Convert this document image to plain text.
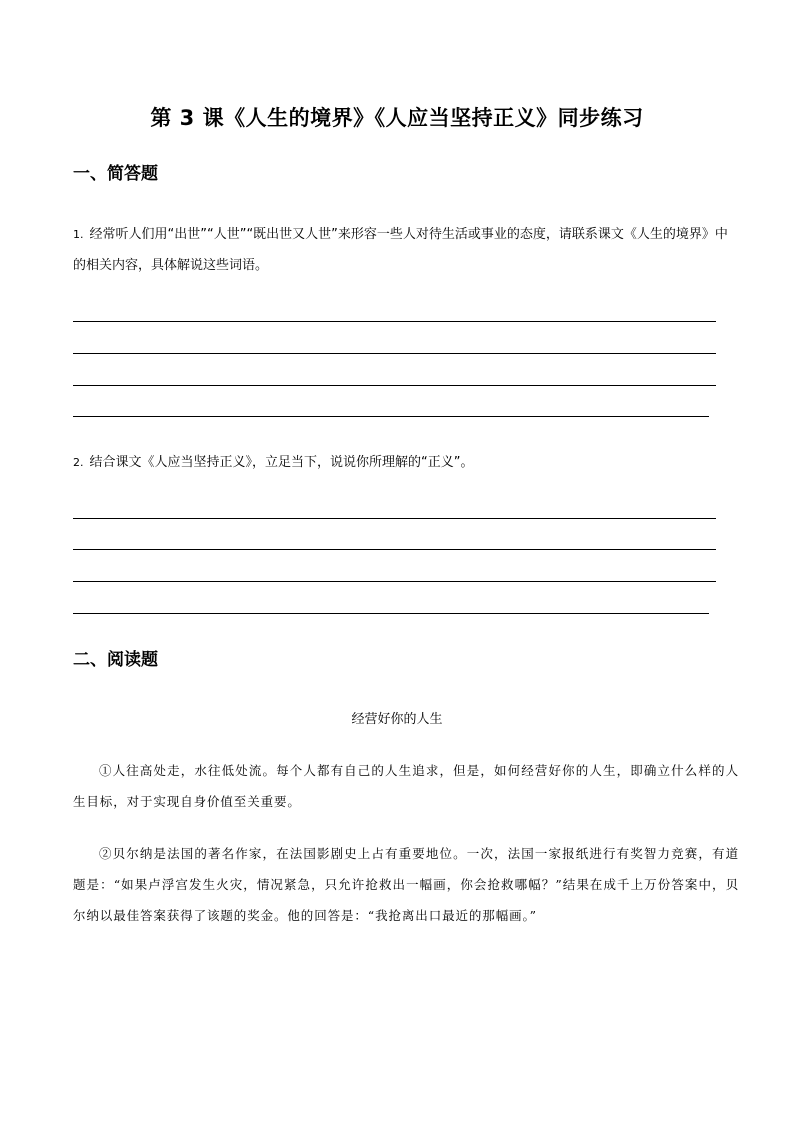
第 3 课《人生的境界》《人应当坚持正义》同步练习
一、简答题
1. 经常听人们用“出世”“人世”“既出世又人世”来形容一些人对待生活或事业的态度，请联系课文《人生的境界》中的相关内容，具体解说这些词语。
2. 结合课文《人应当坚持正义》，立足当下，说说你所理解的“正义”。
二、阅读题
经营好你的人生
①人往高处走，水往低处流。每个人都有自己的人生追求，但是，如何经营好你的人生，即确立什么样的人生目标，对于实现自身价值至关重要。
②贝尔纳是法国的著名作家，在法国影剧史上占有重要地位。一次，法国一家报纸进行有奖智力竞赛，有道题是：“如果卢浮宫发生火灾，情况紧急，只允许抢救出一幅画，你会抢救哪幅？”结果在成千上万份答案中，贝尔纳以最佳答案获得了该题的奖金。他的回答是：“我抢离出口最近的那幅画。”
